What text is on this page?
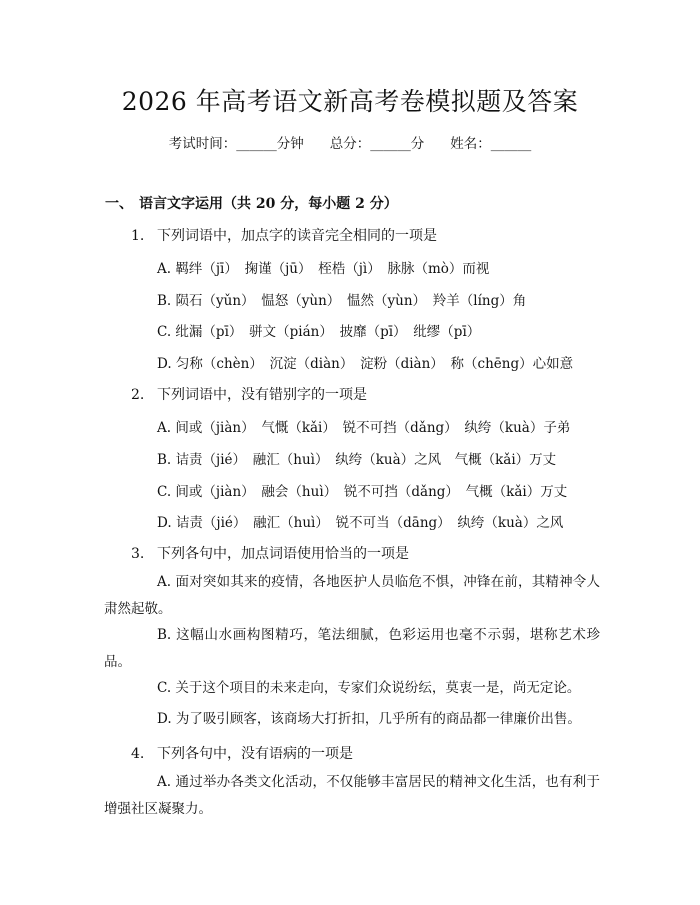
2026 年高考语文新高考卷模拟题及答案
考试时间：______分钟 总分：______分 姓名：______
一、 语言文字运用（共 20 分，每小题 2 分）
1. 下列词语中，加点字的读音完全相同的一项是
A. 羁绊（jī）　掬谨（jū）　桎梏（jì）　脉脉（mò）而视
B. 陨石（yǔn）　愠怒（yùn）　愠然（yùn）　羚羊（líng）角
C. 纰漏（pī）　骈文（pián）　披靡（pī）　纰缪（pī）
D. 匀称（chèn）　沉淀（diàn）　淀粉（diàn）　称（chēng）心如意
2. 下列词语中，没有错别字的一项是
A. 间或（jiàn）　气慨（kǎi）　锐不可挡（dǎng）　纨绔（kuà）子弟
B. 诘责（jié）　融汇（huì）　纨绔（kuà）之风　气概（kǎi）万丈
C. 间或（jiàn）　融会（huì）　锐不可挡（dǎng）　气概（kǎi）万丈
D. 诘责（jié）　融汇（huì）　锐不可当（dāng）　纨绔（kuà）之风
3. 下列各句中，加点词语使用恰当的一项是
A. 面对突如其来的疫情，各地医护人员临危不惧，冲锋在前，其精神令人肃然起敬。
B. 这幅山水画构图精巧，笔法细腻，色彩运用也毫不示弱，堪称艺术珍品。
C. 关于这个项目的未来走向，专家们众说纷纭，莫衷一是，尚无定论。
D. 为了吸引顾客，该商场大打折扣，几乎所有的商品都一律廉价出售。
4. 下列各句中，没有语病的一项是
A. 通过举办各类文化活动，不仅能够丰富居民的精神文化生活，也有利于增强社区凝聚力。
